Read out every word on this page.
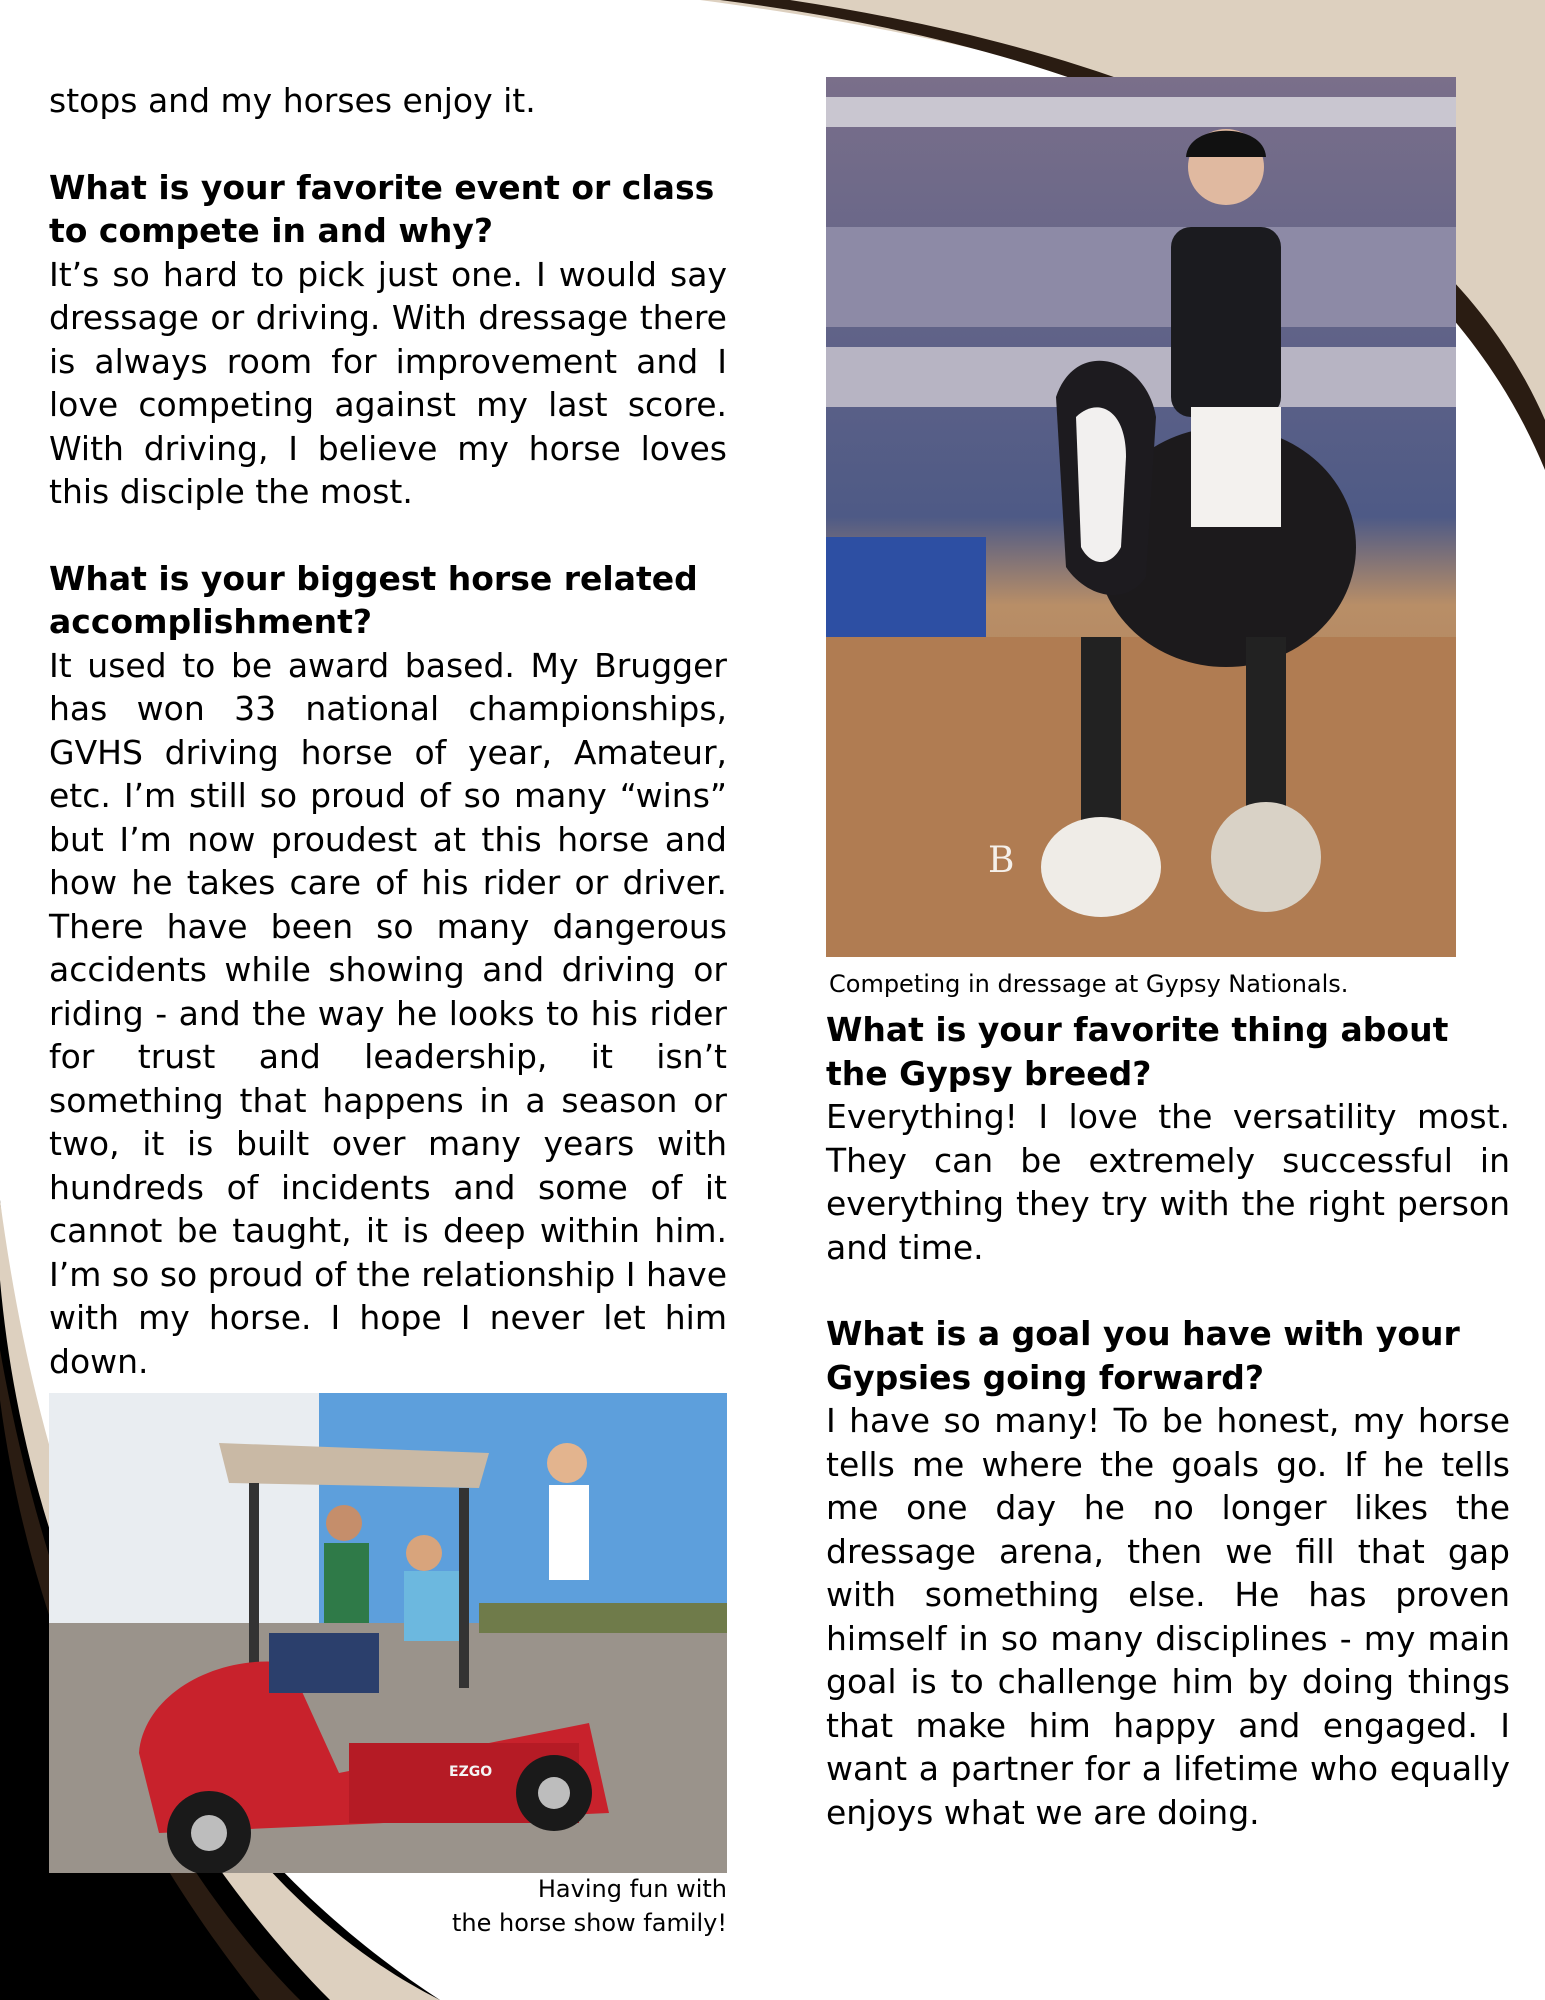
stops and my horses enjoy it.
What is your favorite event or class to compete in and why?
It’s so hard to pick just one. I would say dressage or driving. With dressage there is always room for improvement and I love competing against my last score. With driving, I believe my horse loves this disciple the most.
What is your biggest horse related accomplishment?
It used to be award based. My Brugger has won 33 national championships, GVHS driving horse of year, Amateur, etc. I’m still so proud of so many “wins” but I’m now proudest at this horse and how he takes care of his rider or driver. There have been so many dangerous accidents while showing and driving or riding - and the way he looks to his rider for trust and leadership, it isn’t something that happens in a season or two, it is built over many years with hundreds of incidents and some of it cannot be taught, it is deep within him. I’m so so proud of the relationship I have with my horse. I hope I never let him down.
B
Competing in dressage at Gypsy Nationals.
What is your favorite thing about the Gypsy breed?
Everything! I love the versatility most. They can be extremely successful in everything they try with the right person and time.
What is a goal you have with your Gypsies going forward?
I have so many! To be honest, my horse tells me where the goals go. If he tells me one day he no longer likes the dressage arena, then we fill that gap with something else. He has proven himself in so many disciplines - my main goal is to challenge him by doing things that make him happy and engaged. I want a partner for a lifetime who equally enjoys what we are doing.
EZGO
Having fun with
the horse show family!
